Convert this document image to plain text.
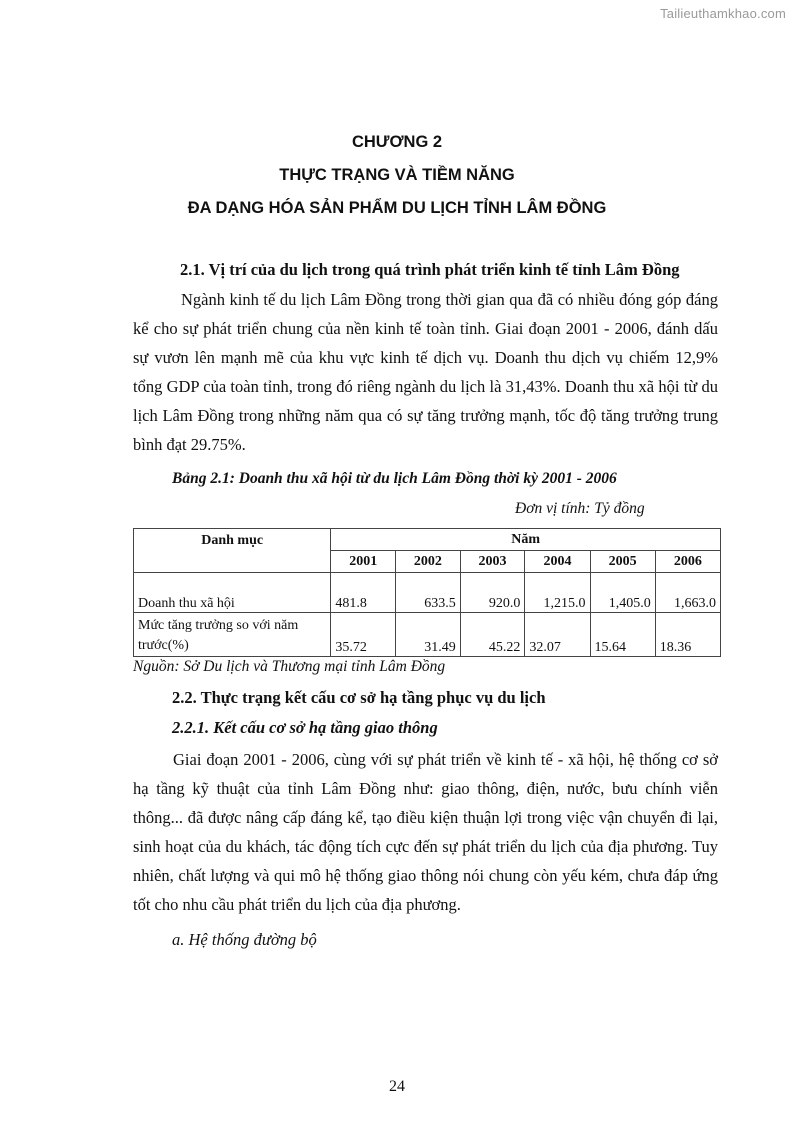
Tailieuthamkhao.com
CHƯƠNG 2
THỰC TRẠNG VÀ TIỀM NĂNG
ĐA DẠNG HÓA SẢN PHẨM DU LỊCH TỈNH LÂM ĐỒNG
2.1. Vị trí của du lịch trong quá trình phát triển kinh tế tỉnh Lâm Đồng

Ngành kinh tế du lịch Lâm Đồng trong thời gian qua đã có nhiều đóng góp đáng kể cho sự phát triển chung của nền kinh tế toàn tỉnh. Giai đoạn 2001 - 2006, đánh dấu sự vươn lên mạnh mẽ của khu vực kinh tế dịch vụ. Doanh thu dịch vụ chiếm 12,9% tổng GDP của toàn tỉnh, trong đó riêng ngành du lịch là 31,43%. Doanh thu xã hội từ du lịch Lâm Đồng trong những năm qua có sự tăng trưởng mạnh, tốc độ tăng trưởng trung bình đạt 29.75%.

Bảng 2.1: Doanh thu xã hội từ du lịch Lâm Đồng thời kỳ 2001 - 2006
Đơn vị tính: Tỷ đồng
Danh mục	Năm					
	2001	2002	2003	2004	2005	2006
Doanh thu xã hội	481.8	633.5	920.0	1,215.0	1,405.0	1,663.0
Mức tăng trưởng so với năm trước(%)	35.72	31.49	45.22	32.07	15.64	18.36
Nguồn: Sở Du lịch và Thương mại tỉnh Lâm Đồng
2.2. Thực trạng kết cấu cơ sở hạ tầng phục vụ du lịch
2.2.1. Kết cấu cơ sở hạ tầng giao thông

Giai đoạn 2001 - 2006, cùng với sự phát triển về kinh tế - xã hội, hệ thống cơ sở hạ tầng kỹ thuật của tỉnh Lâm Đồng như: giao thông, điện, nước, bưu chính viễn thông... đã được nâng cấp đáng kể, tạo điều kiện thuận lợi trong việc vận chuyển đi lại, sinh hoạt của du khách, tác động tích cực đến sự phát triển du lịch của địa phương. Tuy nhiên, chất lượng và qui mô hệ thống giao thông nói chung còn yếu kém, chưa đáp ứng tốt cho nhu cầu phát triển du lịch của địa phương.

a. Hệ thống đường bộ
24
